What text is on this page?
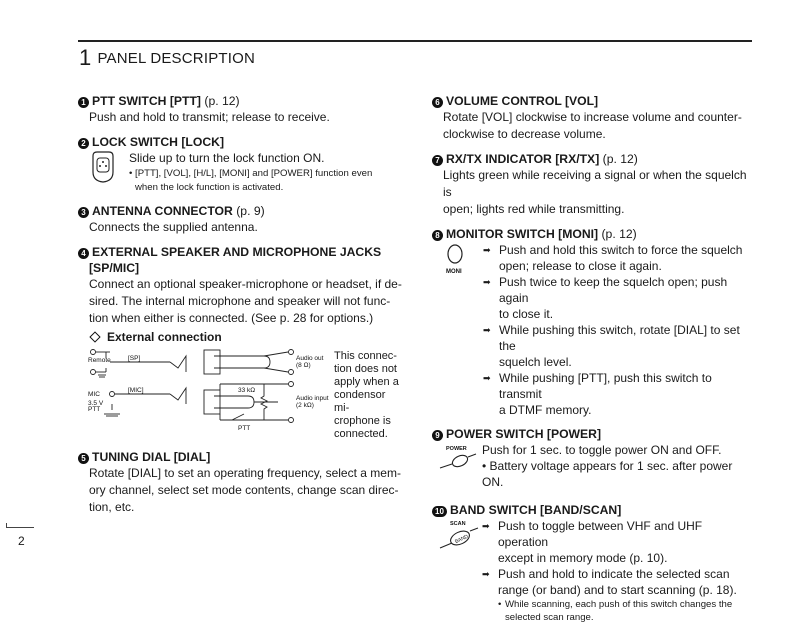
1 PANEL DESCRIPTION
1 PTT SWITCH [PTT] (p. 12)
Push and hold to transmit; release to receive.
2 LOCK SWITCH [LOCK]
Slide up to turn the lock function ON.
• [PTT], [VOL], [H/L], [MONI] and [POWER] function even
when the lock function is activated.
3 ANTENNA CONNECTOR (p. 9)
Connects the supplied antenna.
4 EXTERNAL SPEAKER AND MICROPHONE JACKS
[SP/MIC]
Connect an optional speaker-microphone or headset, if de-
sired. The internal microphone and speaker will not func-
tion when either is connected. (See p. 28 for options.)
External connection
Remote	[SP]	Audio out
(8 Ω)
MIC
[MIC]
3.5 V
PTT
33 kΩ
Audio input
(2 kΩ)
PTT
This connec-
tion does not
apply when a
condensor mi-
crophone is
connected.
5 TUNING DIAL [DIAL]
Rotate [DIAL] to set an operating frequency, select a mem-
ory channel, select set mode contents, change scan direc-
tion, etc.
6 VOLUME CONTROL [VOL]
Rotate [VOL] clockwise to increase volume and counter-
clockwise to decrease volume.
7 RX/TX INDICATOR [RX/TX] (p. 12)
Lights green while receiving a signal or when the squelch is
open; lights red while transmitting.
8 MONITOR SWITCH [MONI] (p. 12)
MONI
➡ Push and hold this switch to force the squelch
open; release to close it again.
➡ Push twice to keep the squelch open; push again
to close it.
➡ While pushing this switch, rotate [DIAL] to set the
squelch level.
➡ While pushing [PTT], push this switch to transmit
a DTMF memory.
9 POWER SWITCH [POWER]
POWER Push for 1 sec. to toggle power ON and OFF.
• Battery voltage appears for 1 sec. after power ON.
10 BAND SWITCH [BAND/SCAN]
SCAN
BAND
➡ Push to toggle between VHF and UHF operation
except in memory mode (p. 10).
➡ Push and hold to indicate the selected scan
range (or band) and to start scanning (p. 18).
• While scanning, each push of this switch changes the
selected scan range.
2
